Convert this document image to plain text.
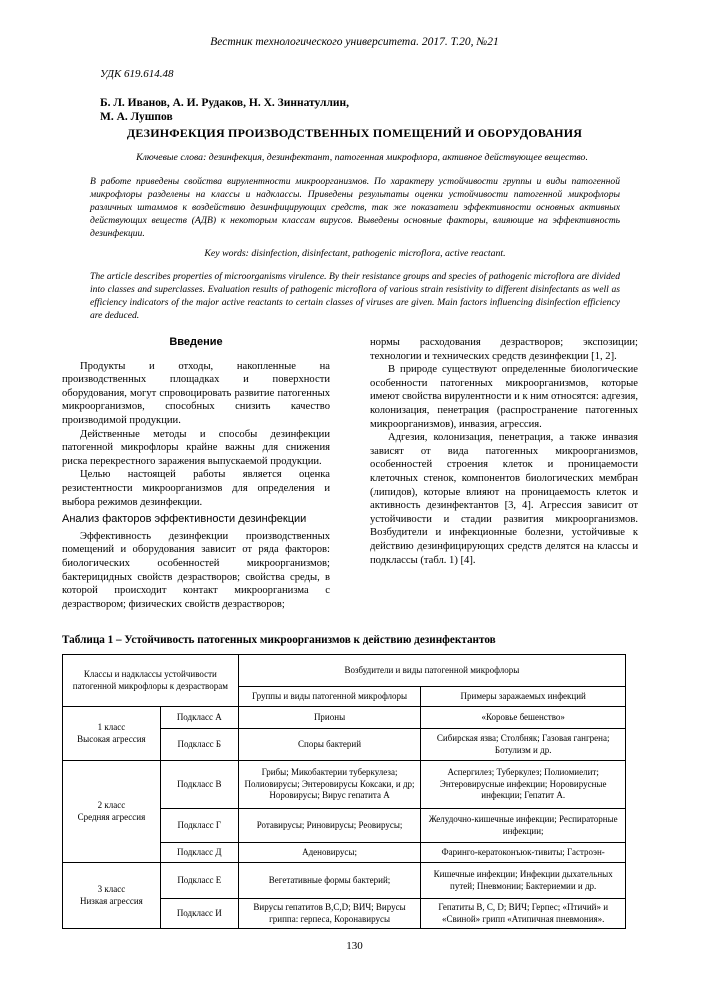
Вестник технологического университета. 2017. Т.20, №21
УДК 619.614.48
Б. Л. Иванов, А. И. Рудаков, Н. Х. Зиннатуллин,
М. А. Лушпов
ДЕЗИНФЕКЦИЯ ПРОИЗВОДСТВЕННЫХ ПОМЕЩЕНИЙ И ОБОРУДОВАНИЯ
Ключевые слова: дезинфекция, дезинфектант, патогенная микрофлора, активное действующее вещество.
В работе приведены свойства вирулентности микроорганизмов. По характеру устойчивости группы и виды патогенной микрофлоры разделены на классы и надклассы. Приведены результаты оценки устойчивости патогенной микрофлоры различных штаммов к воздействию дезинфицирующих средств, так же показатели эффективности основных активных действующих веществ (АДВ) к некоторым классам вирусов. Выведены основные факторы, влияющие на эффективность дезинфекции.
Key words: disinfection, disinfectant, pathogenic microflora, active reactant.
The article describes properties of microorganisms virulence. By their resistance groups and species of pathogenic microflora are divided into classes and superclasses. Evaluation results of pathogenic microflora of various strain resistivity to different disinfectants as well as efficiency indicators of the major active reactants to certain classes of viruses are given. Main factors influencing disinfection efficiency are deduced.
Введение

Продукты и отходы, накопленные на производственных площадках и поверхности оборудования, могут спровоцировать развитие патогенных микроорганизмов, способных снизить качество производимой продукции.

Действенные методы и способы дезинфекции патогенной микрофлоры крайне важны для снижения риска перекрестного заражения выпускаемой продукции.

Целью настоящей работы является оценка резистентности микроорганизмов для определения и выбора режимов дезинфекции.

Анализ факторов эффективности дезинфекции

Эффективность дезинфекции производственных помещений и оборудования зависит от ряда факторов: биологических особенностей микроорганизмов; бактерицидных свойств дезрастворов; свойства среды, в которой происходит контакт микроорганизма с дезраствором; физических свойств дезрастворов;

нормы расходования дезрастворов; экспозиции; технологии и технических средств дезинфекции [1, 2].

В природе существуют определенные биологические особенности патогенных микроорганизмов, которые имеют свойства вирулентности и к ним относятся: адгезия, колонизация, пенетрация (распространение патогенных микроорганизмов), инвазия, агрессия.

Адгезия, колонизация, пенетрация, а также инвазия зависят от вида патогенных микроорганизмов, особенностей строения клеток и проницаемости клеточных стенок, компонентов биологических мембран (липидов), которые влияют на проницаемость клеток и активность дезинфектантов [3, 4]. Агрессия зависит от устойчивости и стадии развития микроорганизмов. Возбудители и инфекционные болезни, устойчивые к действию дезинфицирующих средств делятся на классы и подклассы (табл. 1) [4].

Таблица 1 – Устойчивость патогенных микроорганизмов к действию дезинфектантов
Классы и надклассы устойчивости патогенной микрофлоры к дезрастворам		Возбудители и виды патогенной микрофлоры	
		Группы и виды патогенной микрофлоры	Примеры заражаемых инфекций

1 класс
Высокая агрессия	Подкласс А	Прионы	«Коровье бешенство»
	Подкласс Б	Споры бактерий	Сибирская язва; Столбняк; Газовая гангрена; Ботулизм и др.

2 класс
Средняя агрессия	Подкласс В	Грибы; Микобактерии туберкулеза; Полиовирусы; Энтеровирусы Коксаки, и др; Норовирусы; Вирус гепатита А	Аспергилез; Туберкулез; Полиомиелит; Энтеровирусные инфекции; Норовирусные инфекции; Гепатит А.
	Подкласс Г	Ротавирусы; Риновирусы; Реовирусы;	Желудочно-кишечные инфекции; Респираторные инфекции;
	Подкласс Д	Аденовирусы;	Фаринго-кератоконъюк-тивиты; Гастроэн-

3 класс
Низкая агрессия	Подкласс Е	Вегетативные формы бактерий;	Кишечные инфекции; Инфекции дыхательных путей; Пневмонии; Бактериемии и др.
	Подкласс И	Вирусы гепатитов В,С,D; ВИЧ; Вирусы гриппа: герпеса, Коронавирусы	Гепатиты В, С, D; ВИЧ; Герпес; «Птичий» и «Свиной» грипп «Атипичная пневмония».
130
